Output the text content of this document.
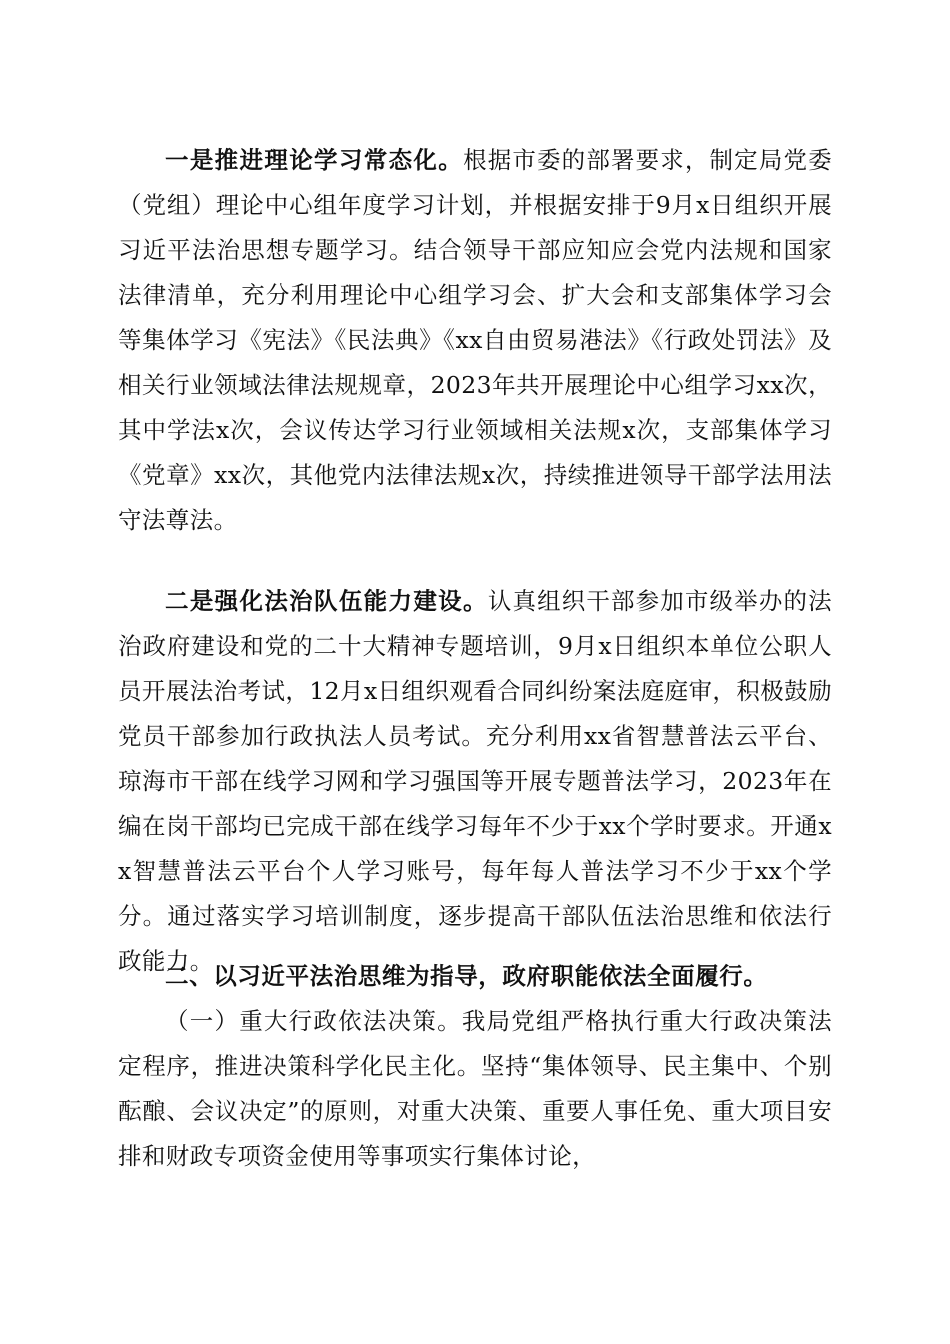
一是推进理论学习常态化。根据市委的部署要求，制定局党委（党组）理论中心组年度学习计划，并根据安排于9月x日组织开展习近平法治思想专题学习。结合领导干部应知应会党内法规和国家法律清单，充分利用理论中心组学习会、扩大会和支部集体学习会等集体学习《宪法》《民法典》《xx自由贸易港法》《行政处罚法》及相关行业领域法律法规规章，2023年共开展理论中心组学习xx次，其中学法x次，会议传达学习行业领域相关法规x次，支部集体学习《党章》xx次，其他党内法律法规x次，持续推进领导干部学法用法守法尊法。

二是强化法治队伍能力建设。认真组织干部参加市级举办的法治政府建设和党的二十大精神专题培训，9月x日组织本单位公职人员开展法治考试，12月x日组织观看合同纠纷案法庭庭审，积极鼓励党员干部参加行政执法人员考试。充分利用xx省智慧普法云平台、琼海市干部在线学习网和学习强国等开展专题普法学习，2023年在编在岗干部均已完成干部在线学习每年不少于xx个学时要求。开通xx智慧普法云平台个人学习账号，每年每人普法学习不少于xx个学分。通过落实学习培训制度，逐步提高干部队伍法治思维和依法行政能力。

二、以习近平法治思维为指导，政府职能依法全面履行。

（一）重大行政依法决策。我局党组严格执行重大行政决策法定程序，推进决策科学化民主化。坚持“集体领导、民主集中、个别酝酿、会议决定”的原则，对重大决策、重要人事任免、重大项目安排和财政专项资金使用等事项实行集体讨论，
